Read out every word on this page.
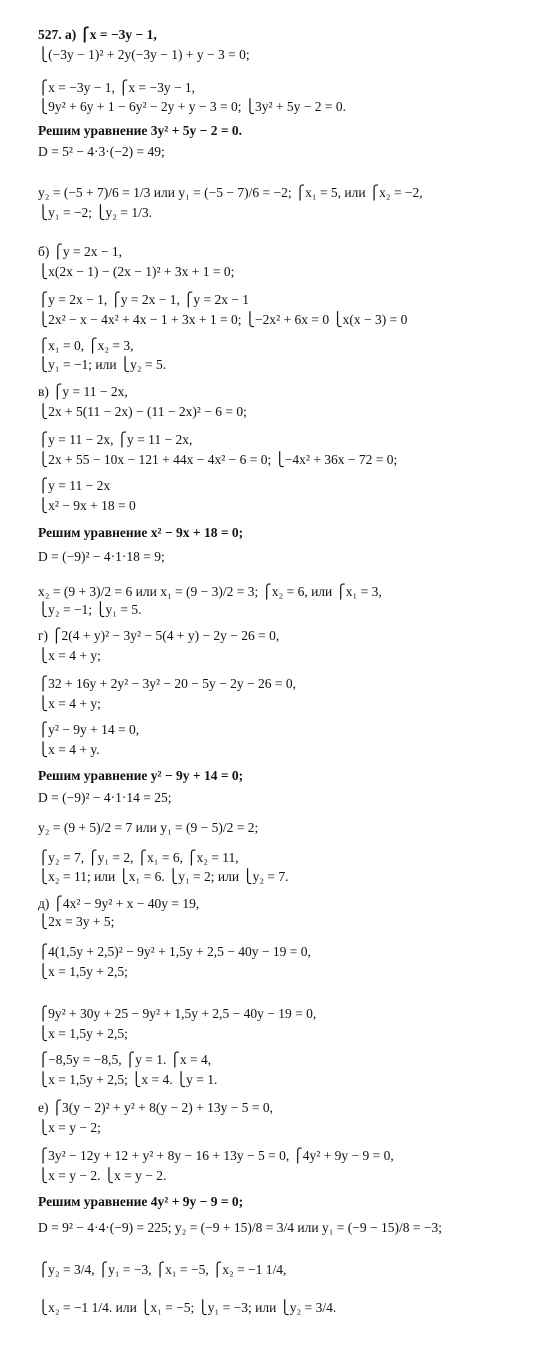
527. а) ⎧x = −3y − 1,
⎩(−3y − 1)² + 2y(−3y − 1) + y − 3 = 0;
⎧x = −3y − 1, ⎧x = −3y − 1,
⎩9y² + 6y + 1 − 6y² − 2y + y − 3 = 0; ⎩3y² + 5y − 2 = 0.
Решим уравнение 3y² + 5y − 2 = 0.
D = 5² − 4·3·(−2) = 49;
y₂ = (−5 + 7)/6 = 1/3 или y₁ = (−5 − 7)/6 = −2; ⎧x₁ = 5, или ⎧x₂ = −2,
⎩y₁ = −2; ⎩y₂ = 1/3.
б) ⎧y = 2x − 1,
⎩x(2x − 1) − (2x − 1)² + 3x + 1 = 0;
⎧y = 2x − 1, ⎧y = 2x − 1, ⎧y = 2x − 1
⎩2x² − x − 4x² + 4x − 1 + 3x + 1 = 0; ⎩−2x² + 6x = 0 ⎩x(x − 3) = 0
⎧x₁ = 0, ⎧x₂ = 3,
⎩y₁ = −1; или ⎩y₂ = 5.
в) ⎧y = 11 − 2x,
⎩2x + 5(11 − 2x) − (11 − 2x)² − 6 = 0;
⎧y = 11 − 2x, ⎧y = 11 − 2x,
⎩2x + 55 − 10x − 121 + 44x − 4x² − 6 = 0; ⎩−4x² + 36x − 72 = 0;
⎧y = 11 − 2x
⎩x² − 9x + 18 = 0
Решим уравнение x² − 9x + 18 = 0;
D = (−9)² − 4·1·18 = 9;
x₂ = (9 + 3)/2 = 6 или x₁ = (9 − 3)/2 = 3; ⎧x₂ = 6, или ⎧x₁ = 3,
⎩y₂ = −1; ⎩y₁ = 5.
г) ⎧2(4 + y)² − 3y² − 5(4 + y) − 2y − 26 = 0,
⎩x = 4 + y;
⎧32 + 16y + 2y² − 3y² − 20 − 5y − 2y − 26 = 0,
⎩x = 4 + y;
⎧y² − 9y + 14 = 0,
⎩x = 4 + y.
Решим уравнение y² − 9y + 14 = 0;
D = (−9)² − 4·1·14 = 25;
y₂ = (9 + 5)/2 = 7 или y₁ = (9 − 5)/2 = 2;
⎧y₂ = 7, ⎧y₁ = 2, ⎧x₁ = 6, ⎧x₂ = 11,
⎩x₂ = 11; или ⎩x₁ = 6. ⎩y₁ = 2; или ⎩y₂ = 7.
д) ⎧4x² − 9y² + x − 40y = 19,
⎩2x = 3y + 5;
⎧4(1,5y + 2,5)² − 9y² + 1,5y + 2,5 − 40y − 19 = 0,
⎩x = 1,5y + 2,5;
⎧9y² + 30y + 25 − 9y² + 1,5y + 2,5 − 40y − 19 = 0,
⎩x = 1,5y + 2,5;
⎧−8,5y = −8,5, ⎧y = 1. ⎧x = 4,
⎩x = 1,5y + 2,5; ⎩x = 4. ⎩y = 1.
е) ⎧3(y − 2)² + y² + 8(y − 2) + 13y − 5 = 0,
⎩x = y − 2;
⎧3y² − 12y + 12 + y² + 8y − 16 + 13y − 5 = 0, ⎧4y² + 9y − 9 = 0,
⎩x = y − 2. ⎩x = y − 2.
Решим уравнение 4y² + 9y − 9 = 0;
D = 9² − 4·4·(−9) = 225; y₂ = (−9 + 15)/8 = 3/4 или y₁ = (−9 − 15)/8 = −3;
⎧y₂ = 3/4, ⎧y₁ = −3, ⎧x₁ = −5, ⎧x₂ = −1 1/4,
⎩x₂ = −1 1/4. или ⎩x₁ = −5; ⎩y₁ = −3; или ⎩y₂ = 3/4.
